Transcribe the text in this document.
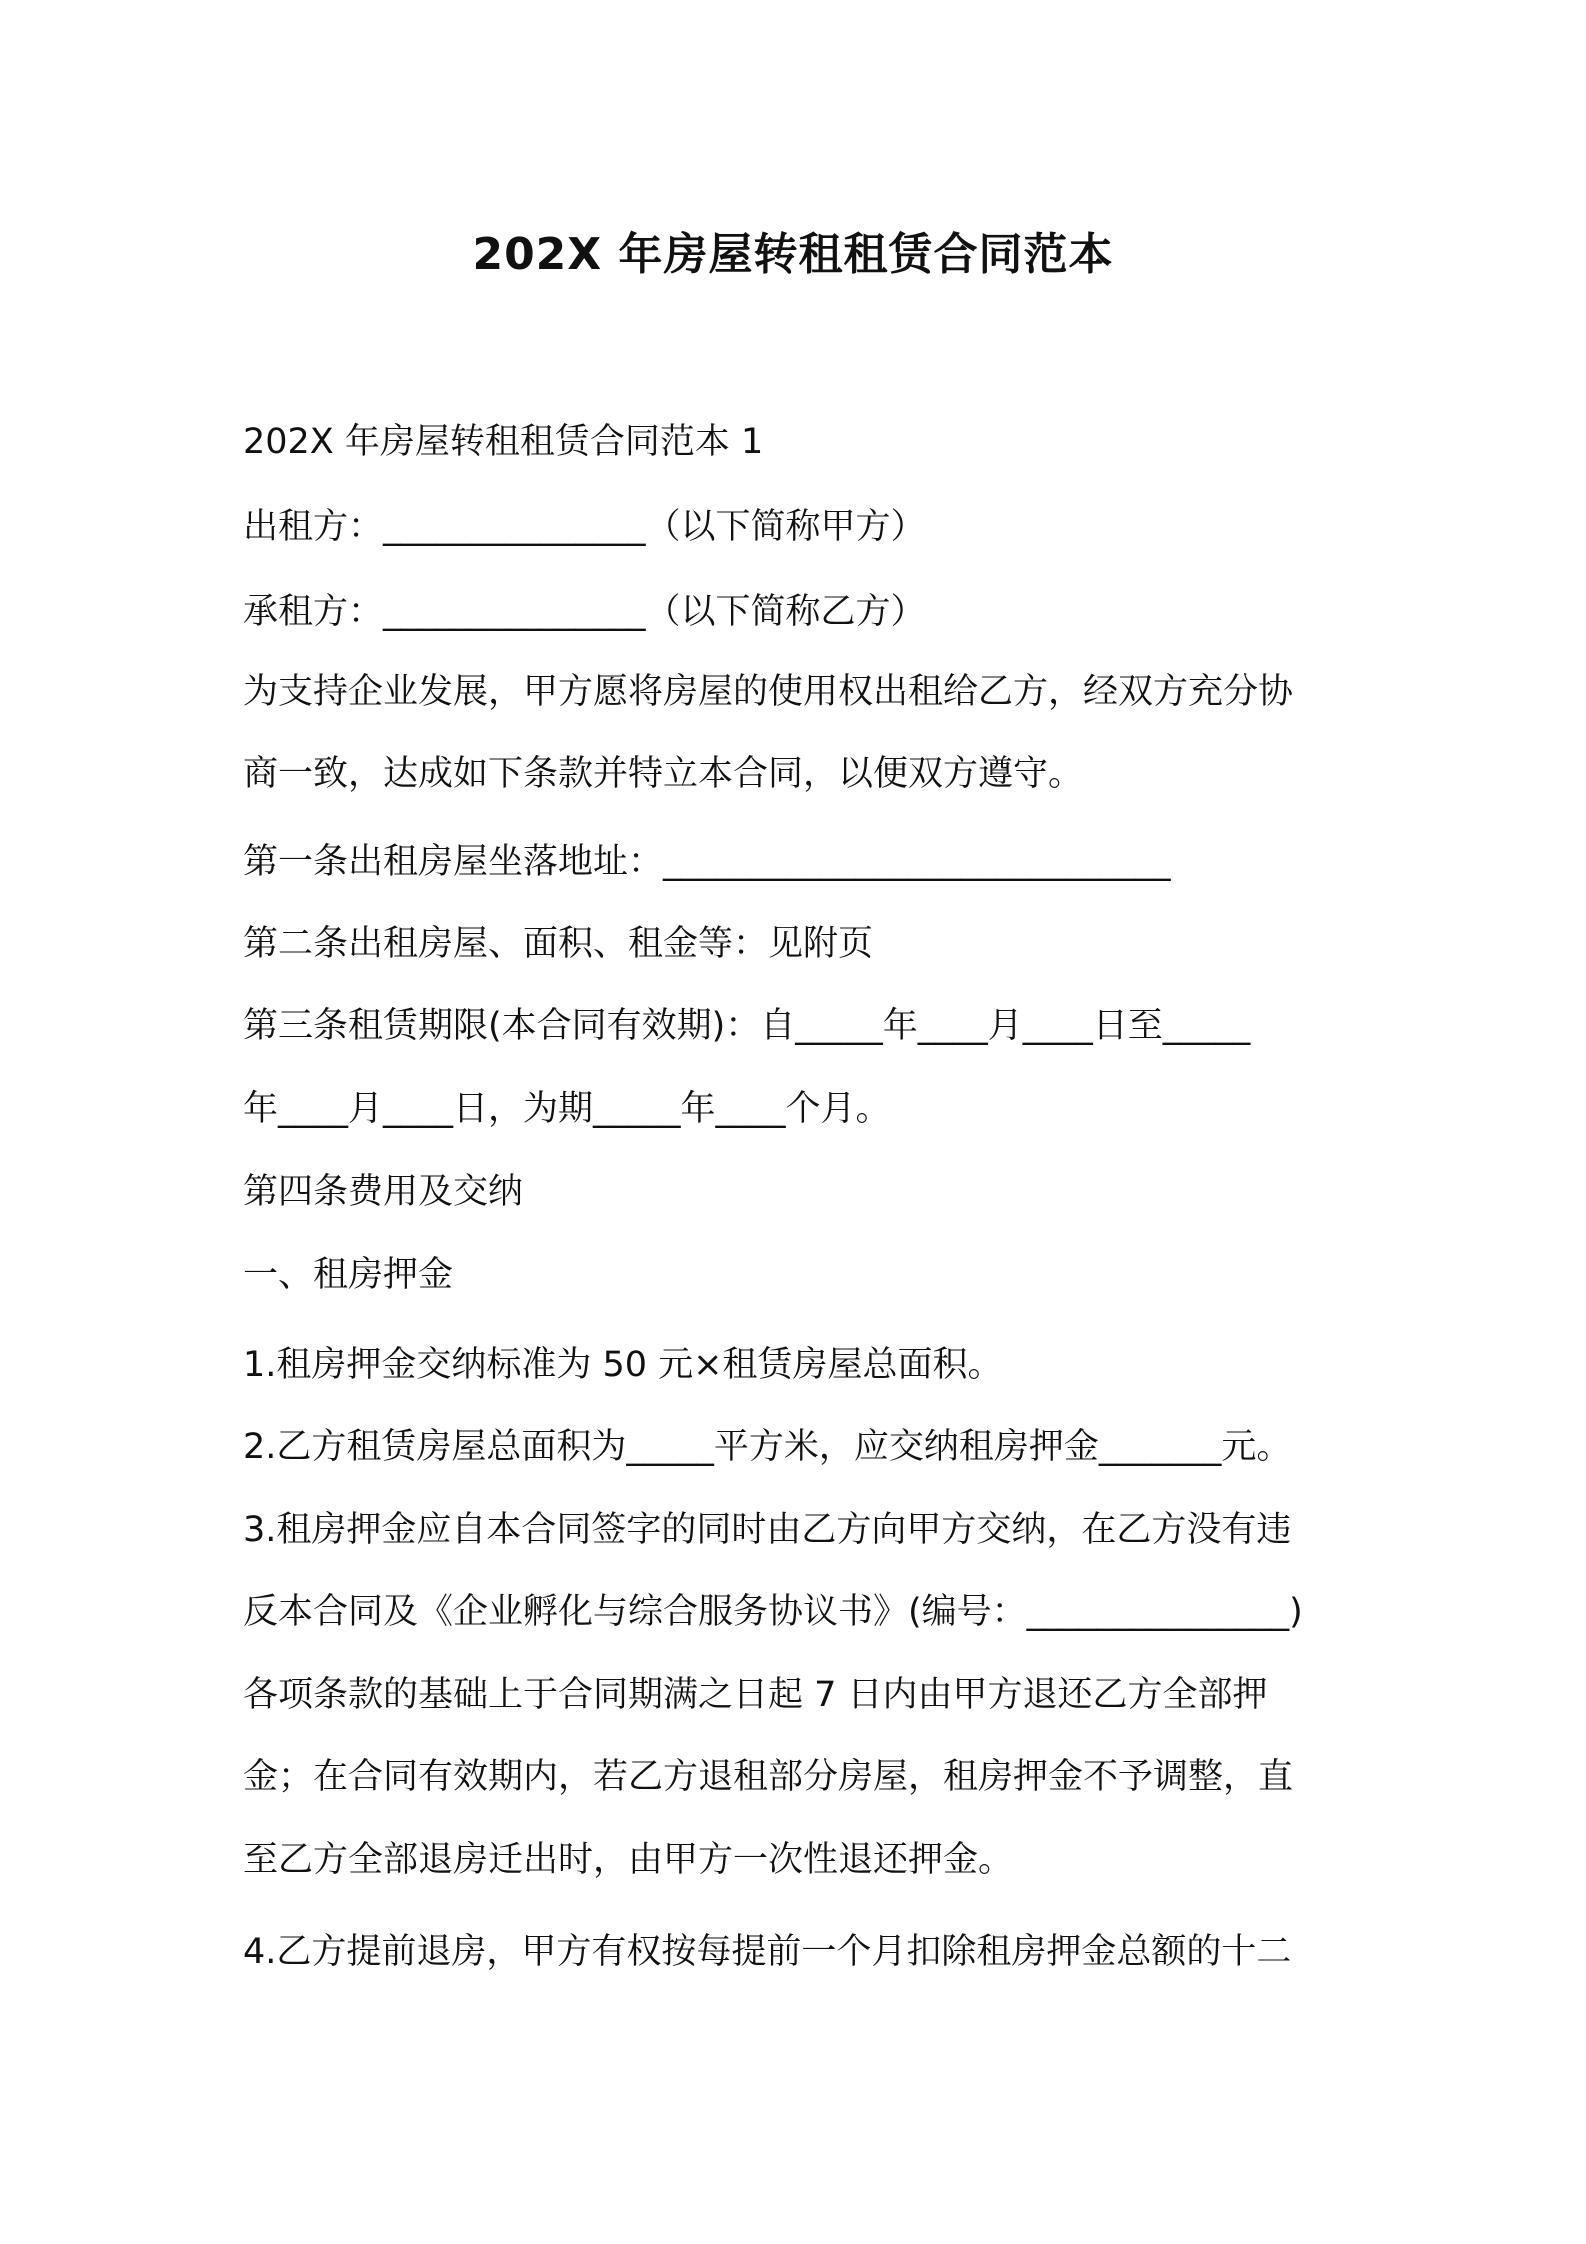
202X 年房屋转租租赁合同范本
202X 年房屋转租租赁合同范本 1
出租方：_______________（以下简称甲方）
承租方：_______________（以下简称乙方）
为支持企业发展，甲方愿将房屋的使用权出租给乙方，经双方充分协
商一致，达成如下条款并特立本合同，以便双方遵守。
第一条出租房屋坐落地址：_____________________________
第二条出租房屋、面积、租金等：见附页
第三条租赁期限(本合同有效期)：自_____年____月____日至_____
年____月____日，为期_____年____个月。
第四条费用及交纳
一、租房押金
1.租房押金交纳标准为 50 元×租赁房屋总面积。
2.乙方租赁房屋总面积为_____平方米，应交纳租房押金_______元。
3.租房押金应自本合同签字的同时由乙方向甲方交纳，在乙方没有违
反本合同及《企业孵化与综合服务协议书》(编号：_______________)
各项条款的基础上于合同期满之日起 7 日内由甲方退还乙方全部押
金；在合同有效期内，若乙方退租部分房屋，租房押金不予调整，直
至乙方全部退房迁出时，由甲方一次性退还押金。
4.乙方提前退房，甲方有权按每提前一个月扣除租房押金总额的十二
